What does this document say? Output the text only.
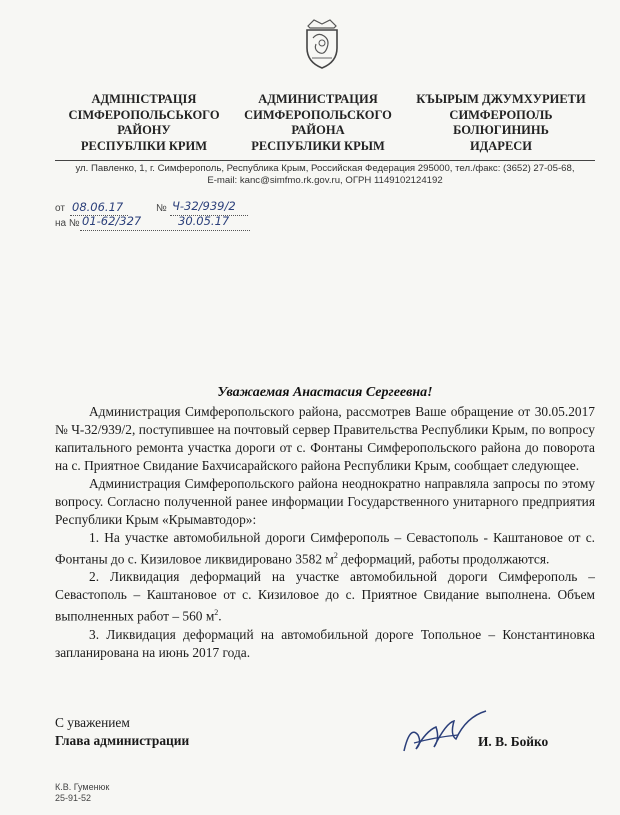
АДМІНІСТРАЦІЯ
СІМФЕРОПОЛЬСЬКОГО
РАЙОНУ
РЕСПУБЛІКИ КРИМ
АДМИНИСТРАЦИЯ
СИМФЕРОПОЛЬСКОГО
РАЙОНА
РЕСПУБЛИКИ КРЫМ
КЪЫРЫМ ДЖУМХУРИЕТИ
СИМФЕРОПОЛЬ
БОЛЮГИНИНЬ
ИДАРЕСИ
ул. Павленко, 1, г. Симферополь, Республика Крым, Российская Федерация 295000, тел./факс: (3652) 27-05-68,
E-mail: kanc@simfmo.rk.gov.ru, ОГРН 1149102124192
от 08.06.17	№ Ч-32/939/2
на № 01-62/327	30.05.17
Уважаемая Анастасия Сергеевна!

Администрация Симферопольского района, рассмотрев Ваше обращение от 30.05.2017 № Ч-32/939/2, поступившее на почтовый сервер Правительства Республики Крым, по вопросу капитального ремонта участка дороги от с. Фонтаны Симферопольского района до поворота на с. Приятное Свидание Бахчисарайского района Республики Крым, сообщает следующее.

Администрация Симферопольского района неоднократно направляла запросы по этому вопросу. Согласно полученной ранее информации Государственного унитарного предприятия Республики Крым «Крымавтодор»:

1. На участке автомобильной дороги Симферополь – Севастополь - Каштановое от с. Фонтаны до с. Кизиловое ликвидировано 3582 $м^2$ деформаций, работы продолжаются.

2. Ликвидация деформаций на участке автомобильной дороги Симферополь – Севастополь – Каштановое от с. Кизиловое до с. Приятное Свидание выполнена. Объем выполненных работ – 560 $м^2$.

3. Ликвидация деформаций на автомобильной дороге Топольное – Константиновка запланирована на июнь 2017 года.

С уважением
Глава администрации	И. В. Бойко
К.В. Гуменюк
25-91-52
